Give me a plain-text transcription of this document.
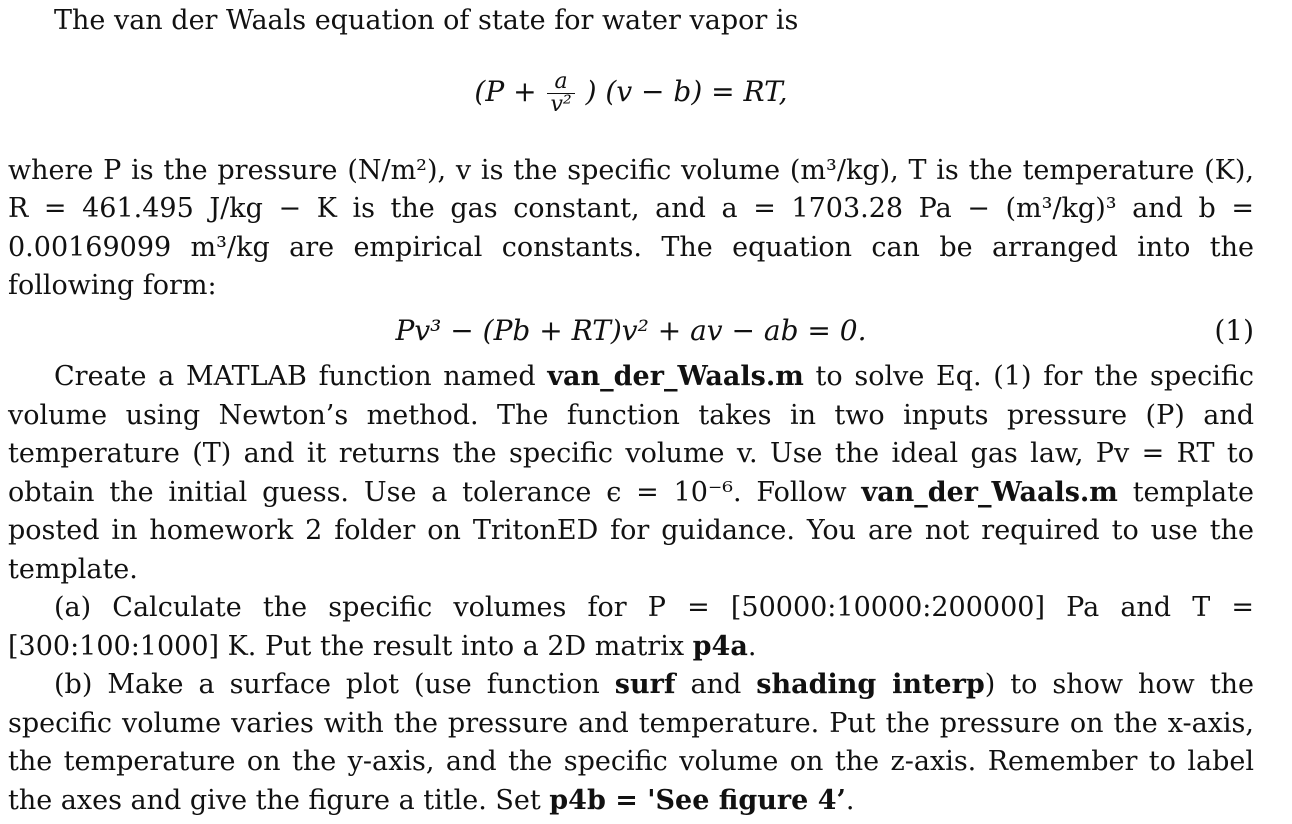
The van der Waals equation of state for water vapor is

($P + \frac{a}{\text{v²}}$ ) (v − b) = RT,

where P is the pressure (N/m²), v is the specific volume (m³/kg), T is the temperature (K), R = 461.495 J/kg − K is the gas constant, and a = 1703.28 Pa − (m³/kg)³ and b = 0.00169099 m³/kg are empirical constants. The equation can be arranged into the following form:

Pv³ − (Pb + RT)v² + av − ab = 0.	(1)

Create a MATLAB function named van_der_Waals.m to solve Eq. (1) for the specific volume using Newton’s method. The function takes in two inputs pressure (P) and temperature (T) and it returns the specific volume v. Use the ideal gas law, Pv = RT to obtain the initial guess. Use a tolerance ϵ = 10⁻⁶. Follow van_der_Waals.m template posted in homework 2 folder on TritonED for guidance. You are not required to use the template.

(a) Calculate the specific volumes for P = [50000:10000:200000] Pa and T = [300:100:1000] K. Put the result into a 2D matrix p4a.

(b) Make a surface plot (use function surf and shading interp) to show how the specific volume varies with the pressure and temperature. Put the pressure on the x-axis, the temperature on the y-axis, and the specific volume on the z-axis. Remember to label the axes and give the figure a title. Set p4b = 'See figure 4’.
